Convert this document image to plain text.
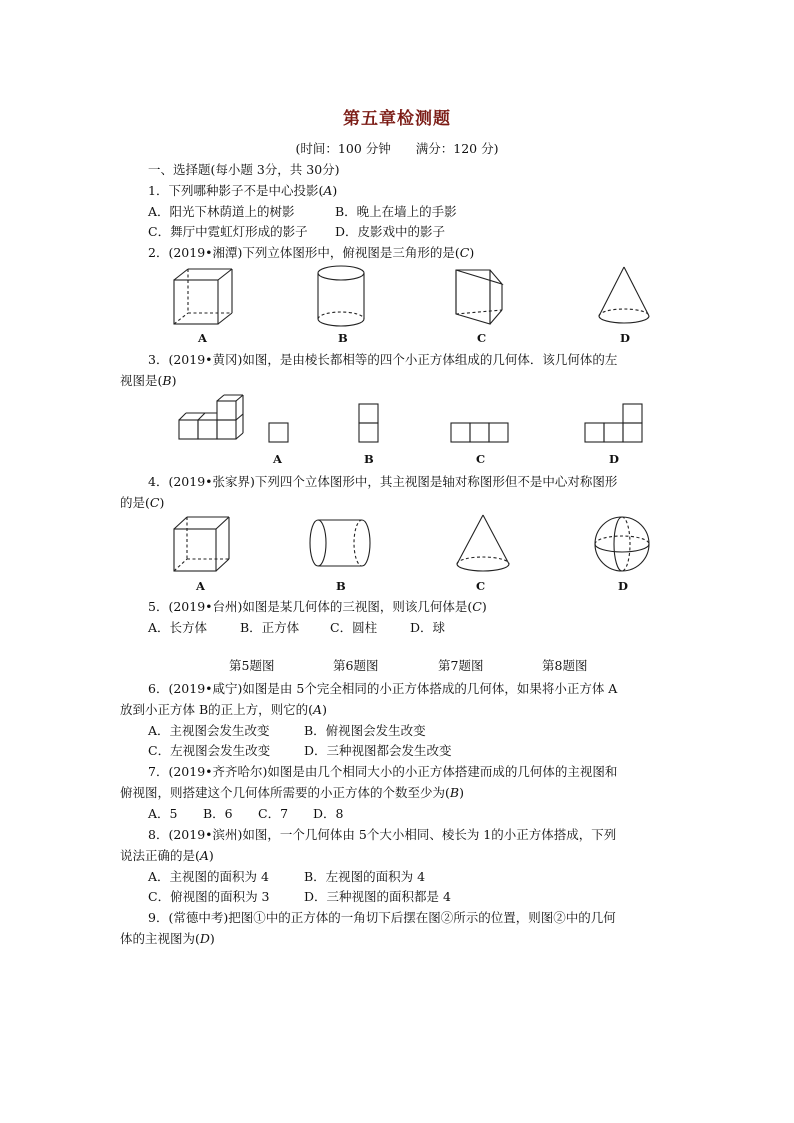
第五章检测题
(时间：100 分钟　　满分：120 分)
一、选择题(每小题 3分，共 30分)
1．下列哪种影子不是中心投影(A)
A．阳光下林荫道上的树影	B．晚上在墙上的手影
C．舞厅中霓虹灯形成的影子 D．皮影戏中的影子
2．(2019•湘潭)下列立体图形中，俯视图是三角形的是(C)
A	B	C	D
3．(2019•黄冈)如图，是由棱长都相等的四个小正方体组成的几何体．该几何体的左
视图是(B)
A	B	C	D
4．(2019•张家界)下列四个立体图形中，其主视图是轴对称图形但不是中心对称图形
的是(C)
A	B	C	D
5．(2019•台州)如图是某几何体的三视图，则该几何体是(C)
A．长方体	B．正方体 C．圆柱	D．球
第5题图	第6题图	第7题图	第8题图
6．(2019•咸宁)如图是由 5个完全相同的小正方体搭成的几何体，如果将小正方体 A
放到小正方体 B的正上方，则它的(A)
A．主视图会发生改变	B．俯视图会发生改变
C．左视图会发生改变	D．三种视图都会发生改变
7．(2019•齐齐哈尔)如图是由几个相同大小的小正方体搭建而成的几何体的主视图和
俯视图，则搭建这个几何体所需要的小正方体的个数至少为(B)
A．5 B．6 C．7 D．8
8．(2019•滨州)如图，一个几何体由 5个大小相同、棱长为 1的小正方体搭成，下列
说法正确的是(A)
A．主视图的面积为 4	B．左视图的面积为 4
C．俯视图的面积为 3	D．三种视图的面积都是 4
9．(常德中考)把图①中的正方体的一角切下后摆在图②所示的位置，则图②中的几何
体的主视图为(D)
